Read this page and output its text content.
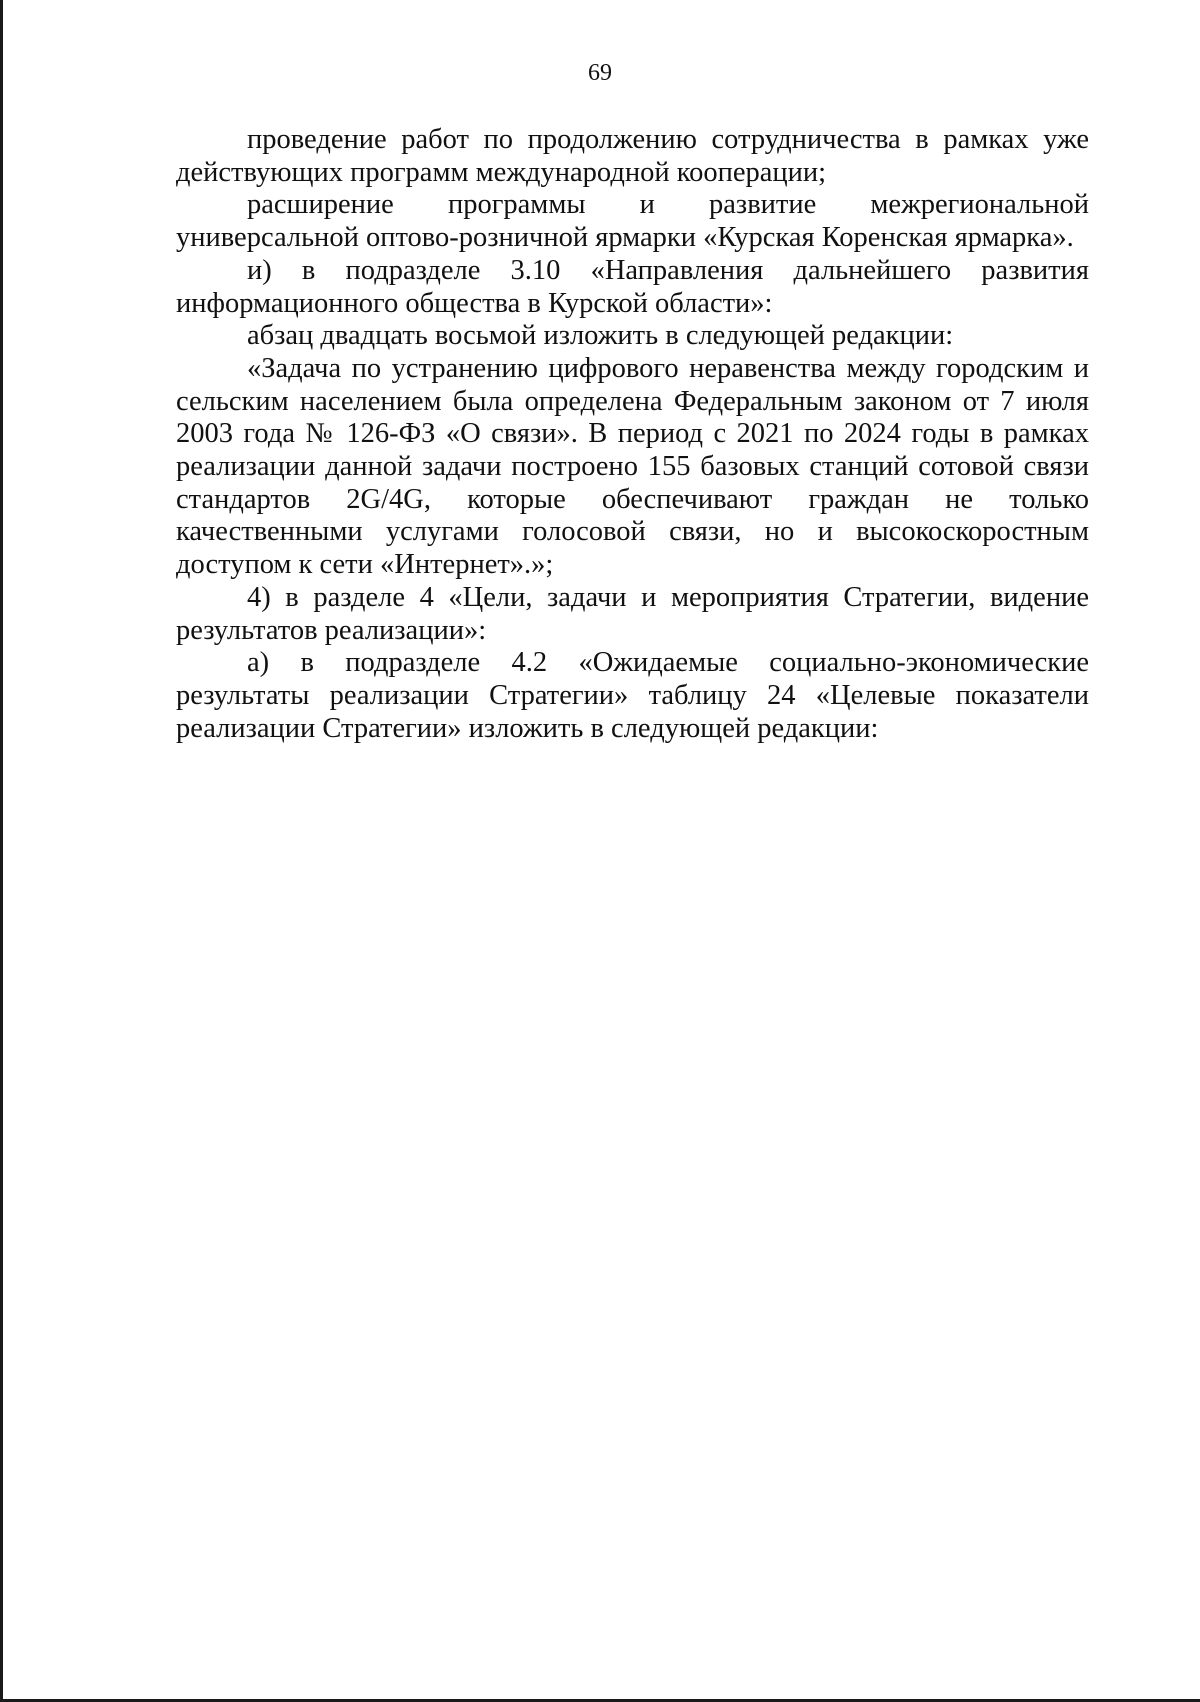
69

проведение работ по продолжению сотрудничества в рамках уже действующих программ международной кооперации;

расширение программы и развитие межрегиональной универсальной оптово-розничной ярмарки «Курская Коренская ярмарка».

и) в подразделе 3.10 «Направления дальнейшего развития информационного общества в Курской области»:

абзац двадцать восьмой изложить в следующей редакции:

«Задача по устранению цифрового неравенства между городским и сельским населением была определена Федеральным законом от 7 июля 2003 года № 126-ФЗ «О связи». В период с 2021 по 2024 годы в рамках реализации данной задачи построено 155 базовых станций сотовой связи стандартов 2G/4G, которые обеспечивают граждан не только качественными услугами голосовой связи, но и высокоскоростным доступом к сети «Интернет».»;

4) в разделе 4 «Цели, задачи и мероприятия Стратегии, видение результатов реализации»:

а) в подразделе 4.2 «Ожидаемые социально-экономические результаты реализации Стратегии» таблицу 24 «Целевые показатели реализации Стратегии» изложить в следующей редакции:
